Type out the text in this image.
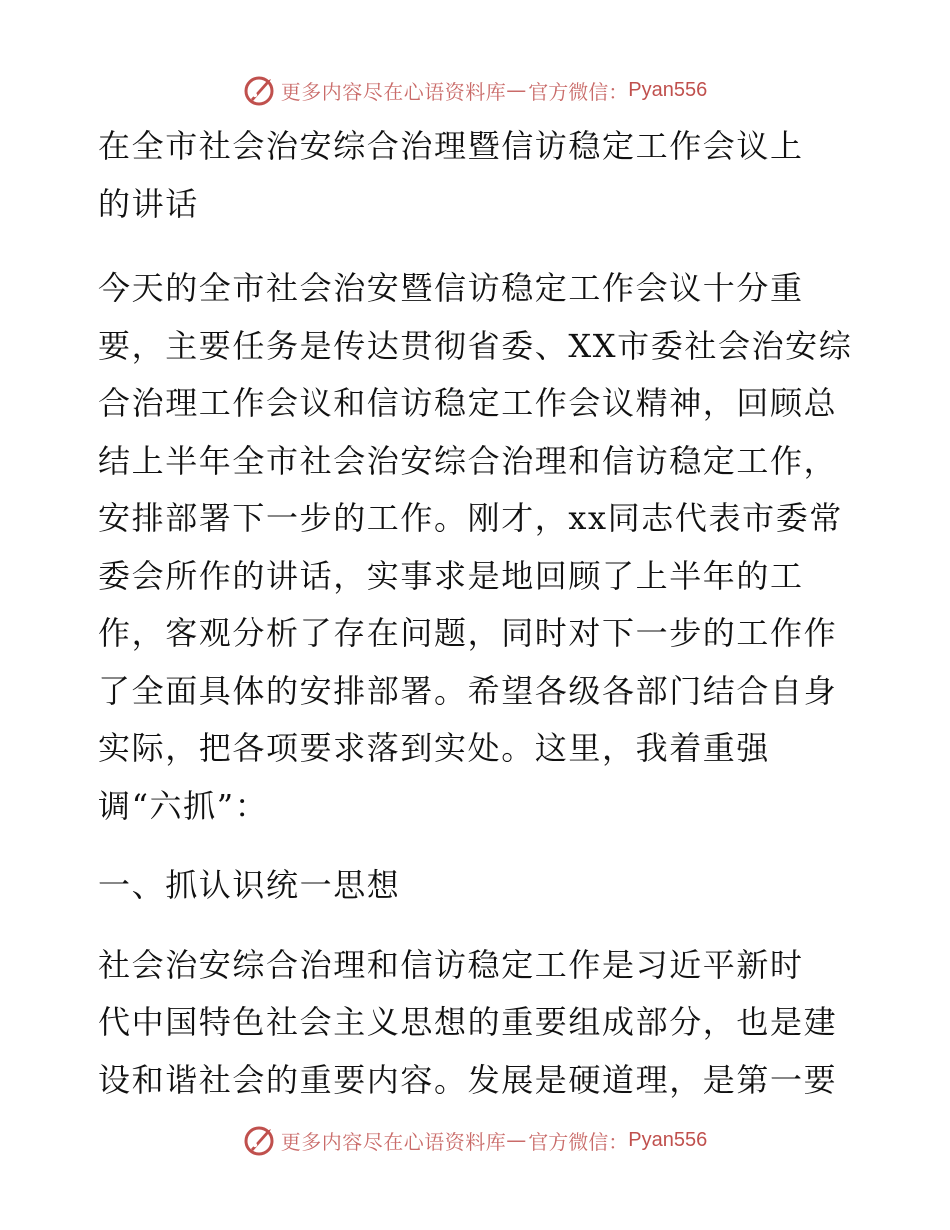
更多内容尽在心语资料库 — 官方微信： Pyan556

在全市社会治安综合治理暨信访稳定工作会议上
的讲话

今天的全市社会治安暨信访稳定工作会议十分重
要，主要任务是传达贯彻省委、XX市委社会治安综
合治理工作会议和信访稳定工作会议精神，回顾总
结上半年全市社会治安综合治理和信访稳定工作，
安排部署下一步的工作。刚才，xx同志代表市委常
委会所作的讲话，实事求是地回顾了上半年的工
作，客观分析了存在问题，同时对下一步的工作作
了全面具体的安排部署。希望各级各部门结合自身
实际，把各项要求落到实处。这里，我着重强
调“六抓”：

一、抓认识统一思想

社会治安综合治理和信访稳定工作是习近平新时
代中国特色社会主义思想的重要组成部分，也是建
设和谐社会的重要内容。发展是硬道理，是第一要

更多内容尽在心语资料库 — 官方微信： Pyan556
